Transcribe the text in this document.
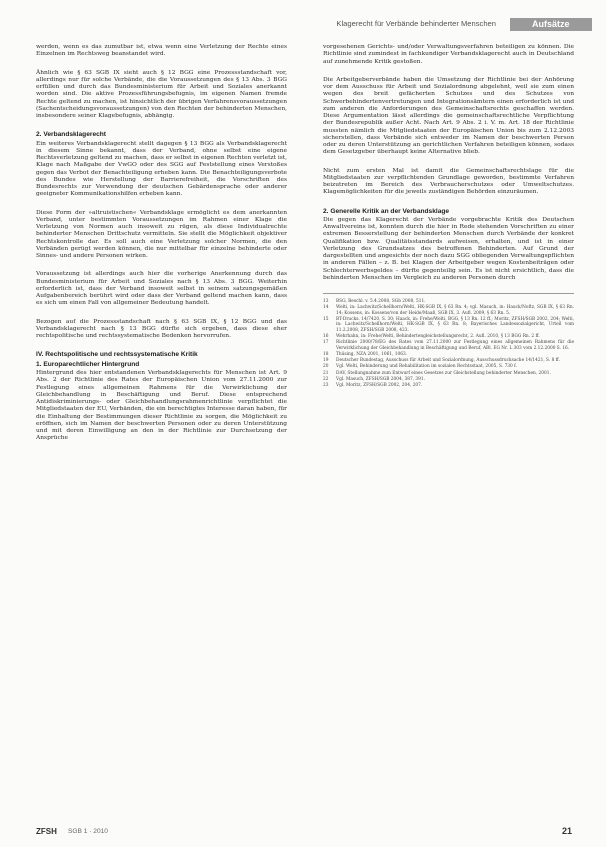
Klagerecht für Verbände behinderter Menschen	Aufsätze

werden, wenn es das zumutbar ist, etwa wenn eine Verletzung der Rechte eines Einzelnen im Rechtsweg beanstandet wird.

Ähnlich wie § 63 SGB IX sieht auch § 12 BGG eine Prozessstandschaft vor, allerdings nur für solche Verbände, die die Voraussetzungen des § 13 Abs. 3 BGG erfüllen und durch das Bundesministerium für Arbeit und Soziales anerkannt worden sind. Die aktive Prozessführungsbefugnis, im eigenen Namen fremde Rechte geltend zu machen, ist hinsichtlich der übrigen Verfahrensvoraussetzungen (Sachentscheidungsvoraussetzungen) von den Rechten der behinderten Menschen, insbesondere seiner Klagebefugnis, abhängig.

2. Verbandsklagerecht

Ein weiteres Verbandsklagerecht stellt dagegen § 13 BGG als Verbandsklagerecht in diesem Sinne bekannt, dass der Verband, ohne selbst eine eigene Rechtsverletzung geltend zu machen, dass er selbst in eigenen Rechten verletzt ist, Klage nach Maßgabe der VwGO oder des SGG auf Feststellung eines Verstoßes gegen das Verbot der Benachteiligung erheben kann. Die Benachteiligungsverbote des Bundes wie Herstellung der Barrierefreiheit, die Vorschriften des Bundesrechts zur Verwendung der deutschen Gebärdensprache oder anderer geeigneter Kommunikationshilfen erheben kann.

Diese Form der »altruistischen« Verbandsklage ermöglicht es dem anerkannten Verband, unter bestimmten Voraussetzungen im Rahmen einer Klage die Verletzung von Normen auch insoweit zu rügen, als diese Individualrechte behinderter Menschen Drittschutz vermitteln. Sie stellt die Möglichkeit objektiver Rechtskontrolle dar. Es soll auch eine Verletzung solcher Normen, die den Verbänden gerügt werden können, die nur mittelbar für einzelne behinderte oder Sinnes- und andere Personen wirken.

Voraussetzung ist allerdings auch hier die vorherige Anerkennung durch das Bundesministerium für Arbeit und Soziales nach § 13 Abs. 3 BGG. Weiterhin erforderlich ist, dass der Verband insoweit selbst in seinem satzungsgemäßen Aufgabenbereich berührt wird oder dass der Verband geltend machen kann, dass es sich um einen Fall von allgemeiner Bedeutung handelt.

Bezogen auf die Prozessstandschaft nach § 63 SGB IX, § 12 BGG und das Verbandsklagerecht nach § 13 BGG dürfte sich ergeben, dass diese eher rechtspolitische und rechtssystematische Bedenken hervorrufen.

IV. Rechtspolitische und rechtssystematische Kritik
1. Europarechtlicher Hintergrund

Hintergrund des hier entstandenen Verbandsklagerechts für Menschen ist Art. 9 Abs. 2 der Richtlinie des Rates der Europäischen Union vom 27.11.2000 zur Festlegung eines allgemeinen Rahmens für die Verwirklichung der Gleichbehandlung in Beschäftigung und Beruf. Diese entsprechend Antidiskriminierungs- oder Gleichbehandlungsrahmenrichtlinie verpflichtet die Mitgliedstaaten der EU, Verbänden, die ein berechtigtes Interesse daran haben, für die Einhaltung der Bestimmungen dieser Richtlinie zu sorgen, die Möglichkeit zu eröffnen, sich im Namen der beschwerten Personen oder zu deren Unterstützung und mit deren Einwilligung an den in der Richtlinie zur Durchsetzung der Ansprüche

vorgesehenen Gerichts- und/oder Verwaltungsverfahren beteiligen zu können. Die Richtlinie sind zumindest in fachkundiger Verbandsklagerecht auch in Deutschland auf zunehmende Kritik gestoßen.

Die Arbeitgeberverbände haben die Umsetzung der Richtlinie bei der Anhörung vor dem Ausschuss für Arbeit und Sozialordnung abgelehnt, weil sie zum einen wegen des breit gefächerten Schutzes und des Schutzes von Schwerbehindertenvertretungen und Integrationsämtern einen erforderlich ist und zum anderen die Anforderungen des Gemeinschaftsrechts geschaffen werden. Diese Argumentation lässt allerdings die gemeinschaftsrechtliche Verpflichtung der Bundesrepublik außer Acht. Nach Art. 9 Abs. 2 i. V. m. Art. 18 der Richtlinie mussten nämlich die Mitgliedstaaten der Europäischen Union bis zum 2.12.2003 sicherstellen, dass Verbände sich entweder im Namen der beschwerten Person oder zu deren Unterstützung an gerichtlichen Verfahren beteiligen können, sodass dem Gesetzgeber überhaupt keine Alternative blieb.

Nicht zum ersten Mal ist damit die Gemeinschaftsrechtslage für die Mitgliedstaaten zur verpflichtenden Grundlage geworden, bestimmte Verfahren beizutreten im Bereich des Verbraucherschutzes oder Umweltschutzes. Klagemöglichkeiten für die jeweils zuständigen Behörden einzuräumen.

2. Generelle Kritik an der Verbandsklage

Die gegen das Klagerecht der Verbände vorgebrachte Kritik des Deutschen Anwaltvereins ist, konnten durch die hier in Rede stehenden Vorschriften zu einer extremen Besserstellung der behinderten Menschen durch Verbände der konkret Qualifikation bzw. Qualitätsstandards aufweisen, erhalten, und ist in einer Verletzung des Grundsatzes des betroffenen Behinderten. Auf Grund der dargestellten und angesichts der noch dazu SGG obliegenden Verwaltungspflichten in anderen Fällen – z. B. bei Klagen der Arbeitgeber wegen Kostenbeiträgen oder Schlechterwerbsgeldes – dürfte gegenteilig sein. Es ist nicht ersichtlich, dass die behinderten Menschen im Vergleich zu anderen Personen durch

13	BSG, Beschl. v. 5.4.2008, SGb 2008, 511.
14	Welti, in: Lachwitz/Schellhorn/Welti, HK-SGB IX, § 63 Rn. 4; vgl. Masuch, in: Hauck/Noftz, SGB IX, § 63 Rn. 14; Kossens, in: Kossens/von der Heide/Maaß, SGB IX, 3. Aufl. 2009, § 63 Rn. 5.
15	BT-Drucks. 14/7420, S. 30; Haack, in: Frehe/Welti, BGG, § 13 Rn. 12 ff.; Moritz, ZFSH/SGB 2002, 204; Welti, in: Lachwitz/Schellhorn/Welti, HK-SGB IX, § 63 Rn. 8; Bayerisches Landessozialgericht, Urteil vom 11.2.2008, ZFSH/SGB 2008, 423.
16	Wehrhahn, in: Frehe/Welti, Behindertengleichstellungsrecht, 2. Aufl. 2010, § 13 BGG Rn. 2 ff.
17	Richtlinie 2000/78/EG des Rates vom 27.11.2000 zur Festlegung eines allgemeinen Rahmens für die Verwirklichung der Gleichbehandlung in Beschäftigung und Beruf, ABl. EG Nr. L 303 vom 2.12.2000 S. 16.
18	Thüsing, NZA 2001, 1061, 1063.
19	Deutscher Bundestag, Ausschuss für Arbeit und Sozialordnung, Ausschussdrucksache 14/1421, S. 8 ff.
20	Vgl. Welti, Behinderung und Rehabilitation im sozialen Rechtsstaat, 2005, S. 730 f.
21	DAV, Stellungnahme zum Entwurf eines Gesetzes zur Gleichstellung behinderter Menschen, 2001.
22	Vgl. Masuch, ZFSH/SGB 2004, 387, 391.
23	Vgl. Moritz, ZFSH/SGB 2002, 204, 207.
ZFSH SGB 1 · 2010	21
